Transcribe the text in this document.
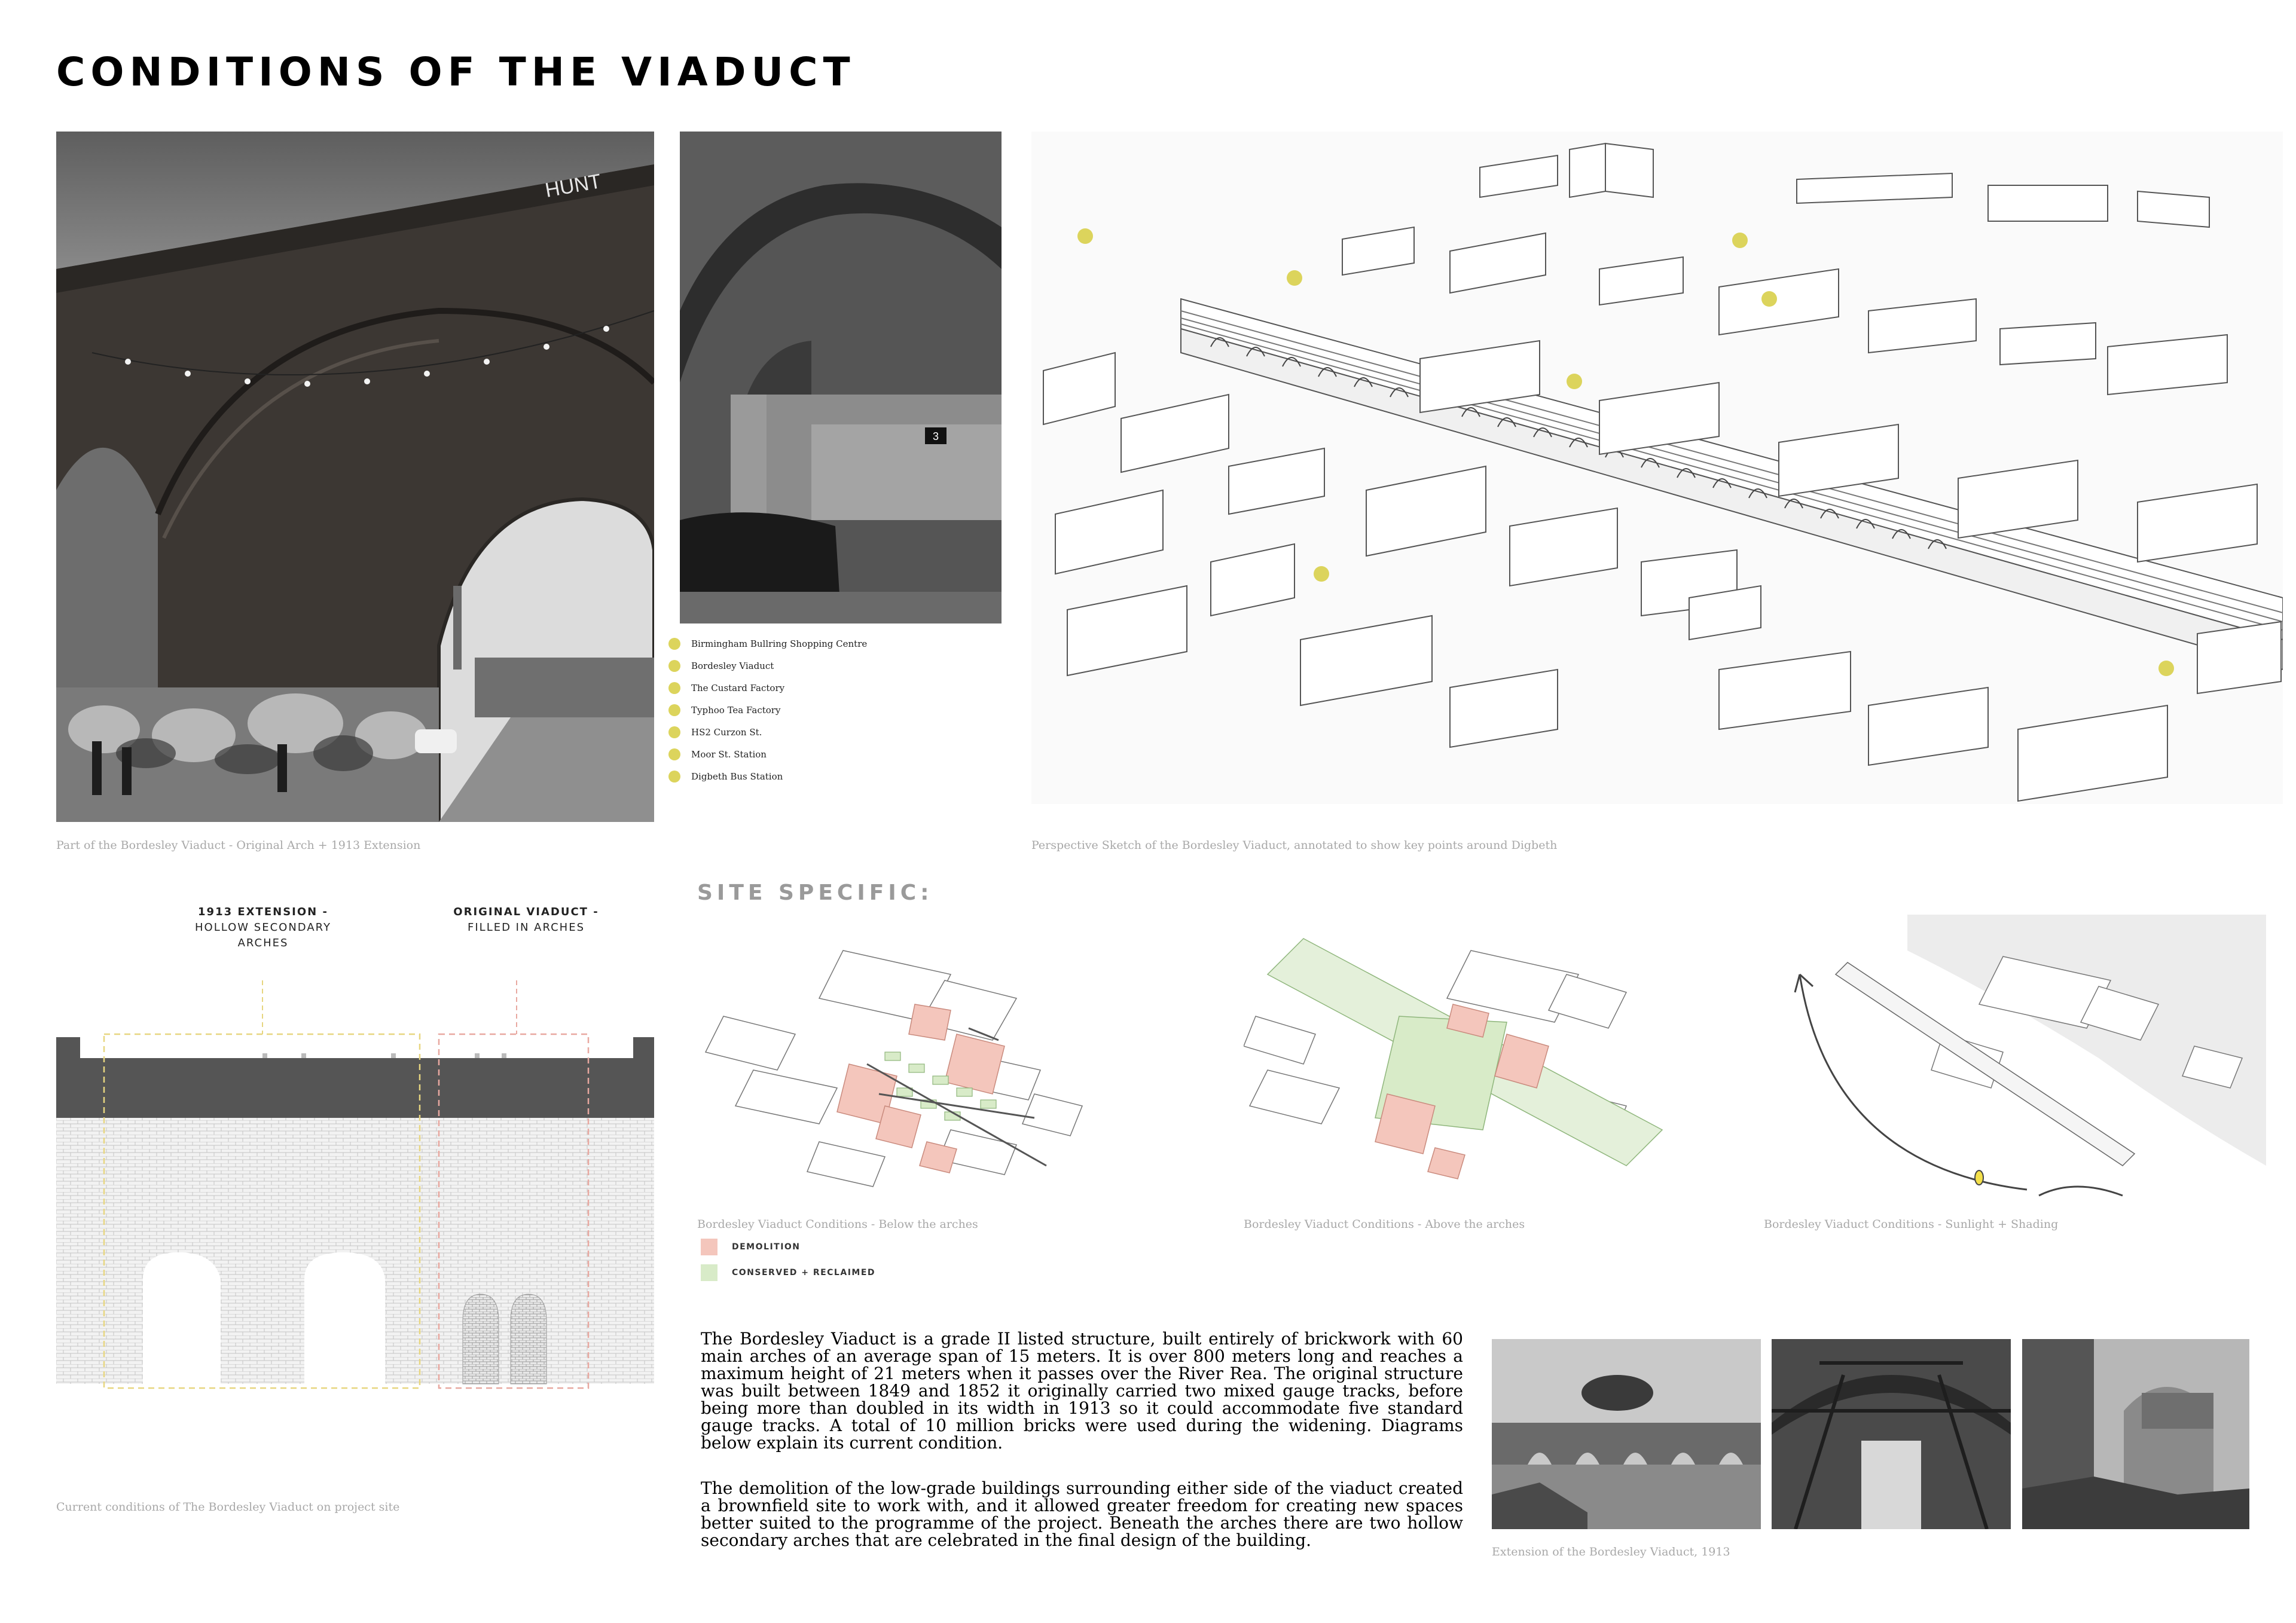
CONDITIONS OF THE VIADUCT
HUNT
3
Birmingham Bullring Shopping Centre
Bordesley Viaduct
The Custard Factory
Typhoo Tea Factory
HS2 Curzon St.
Moor St. Station
Digbeth Bus Station
Part of the Bordesley Viaduct - Original Arch + 1913 Extension	Perspective Sketch of the Bordesley Viaduct, annotated to show key points around Digbeth
1913 EXTENSION -
HOLLOW SECONDARY
ARCHES
ORIGINAL VIADUCT -
FILLED IN ARCHES
Current conditions of The Bordesley Viaduct on project site
SITE SPECIFIC:
Bordesley Viaduct Conditions - Below the arches	Bordesley Viaduct Conditions - Above the arches	Bordesley Viaduct Conditions - Sunlight + Shading
DEMOLITION
CONSERVED + RECLAIMED
The Bordesley Viaduct is a grade II listed structure, built entirely of brickwork with 60 main arches of an average span of 15 meters. It is over 800 meters long and reaches a maximum height of 21 meters when it passes over the River Rea. The original structure was built between 1849 and 1852 it originally carried two mixed gauge tracks, before being more than doubled in its width in 1913 so it could accommodate five standard gauge tracks. A total of 10 million bricks were used during the widening. Diagrams below explain its current condition.
The demolition of the low-grade buildings surrounding either side of the viaduct created a brownfield site to work with, and it allowed greater freedom for creating new spaces better suited to the programme of the project. Beneath the arches there are two hollow secondary arches that are celebrated in the final design of the building.
Extension of the Bordesley Viaduct, 1913
